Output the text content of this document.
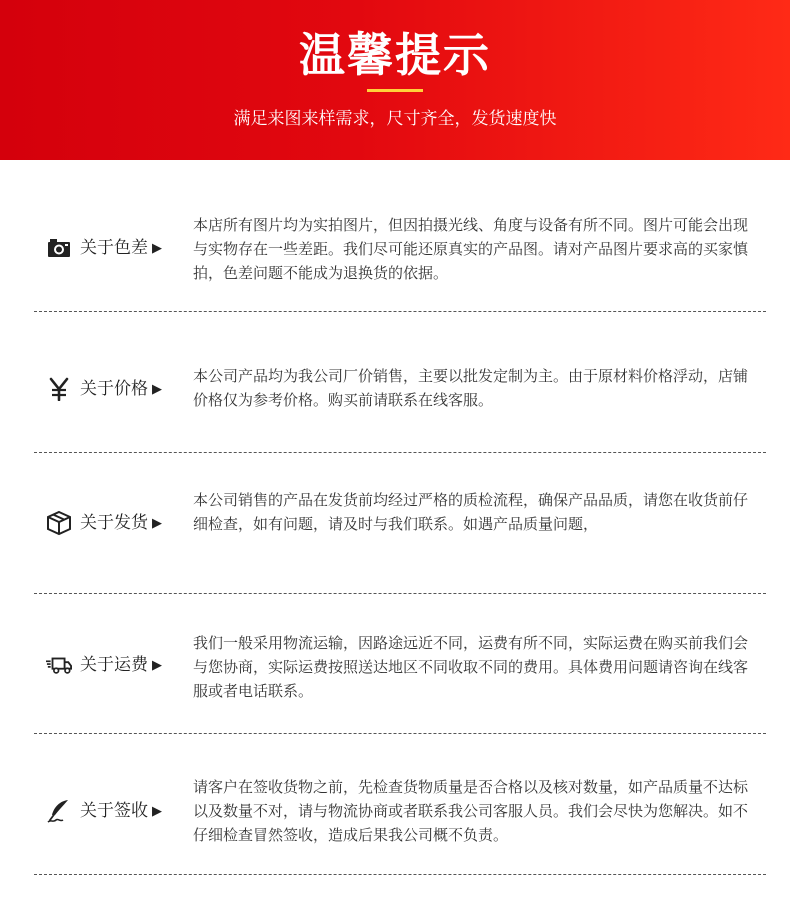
温馨提示
满足来图来样需求，尺寸齐全，发货速度快
关于色差 ▶
本店所有图片均为实拍图片，但因拍摄光线、角度与设备有所不同。图片可能会出现与实物存在一些差距。我们尽可能还原真实的产品图。请对产品图片要求高的买家慎拍，色差问题不能成为退换货的依据。
关于价格 ▶
本公司产品均为我公司厂价销售，主要以批发定制为主。由于原材料价格浮动，店铺价格仅为参考价格。购买前请联系在线客服。
关于发货 ▶
本公司销售的产品在发货前均经过严格的质检流程，确保产品品质，请您在收货前仔细检查，如有问题，请及时与我们联系。如遇产品质量问题，
关于运费 ▶
我们一般采用物流运输，因路途远近不同，运费有所不同，实际运费在购买前我们会与您协商，实际运费按照送达地区不同收取不同的费用。具体费用问题请咨询在线客服或者电话联系。
关于签收 ▶
请客户在签收货物之前，先检查货物质量是否合格以及核对数量，如产品质量不达标以及数量不对，请与物流协商或者联系我公司客服人员。我们会尽快为您解决。如不仔细检查冒然签收，造成后果我公司概不负责。
